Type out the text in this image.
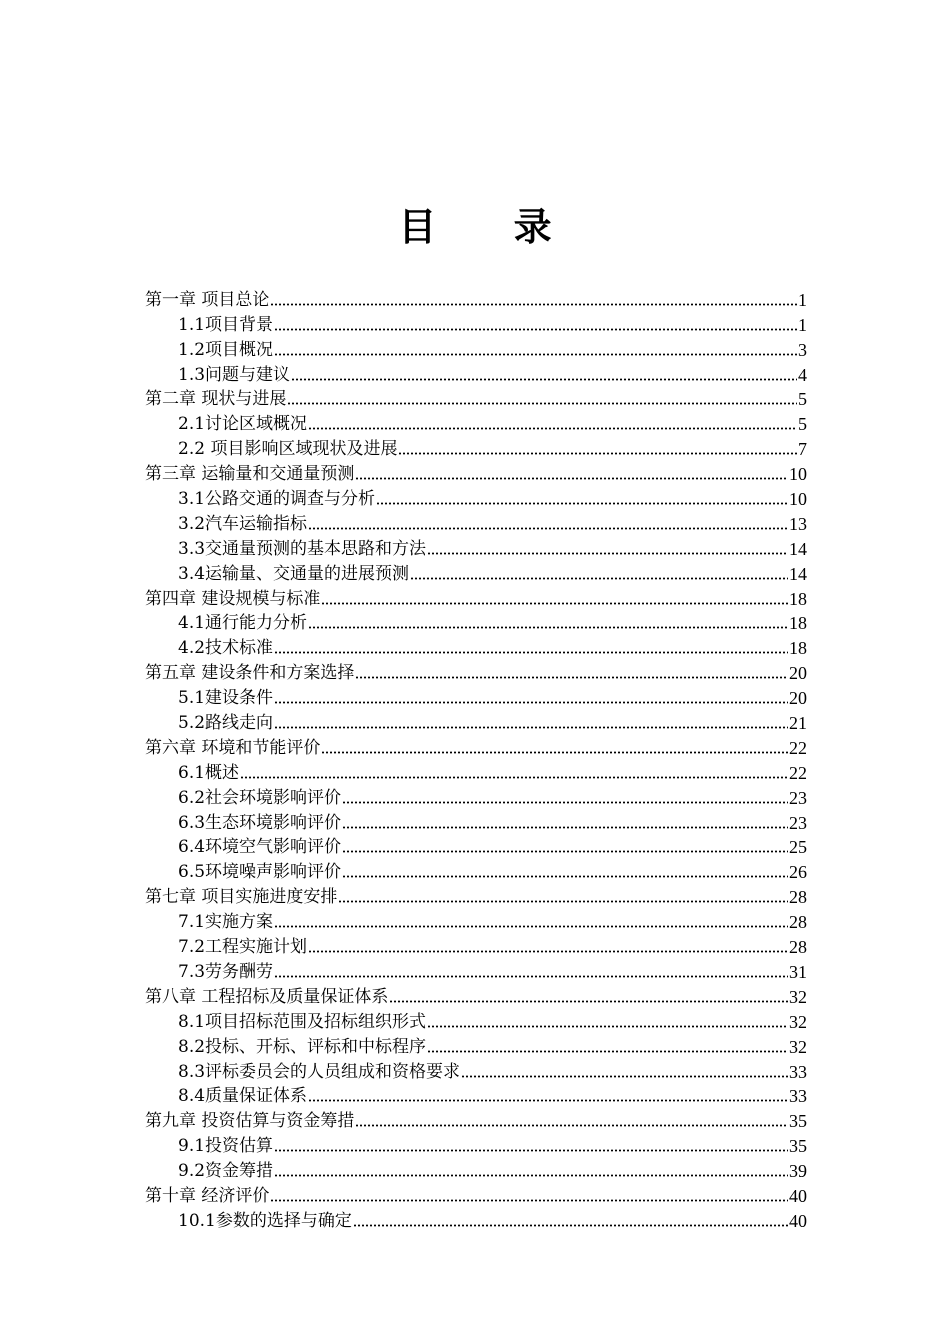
目 录
第一章 项目总论	1
1.1项目背景	1
1.2项目概况	3
1.3问题与建议	4
第二章 现状与进展	5
2.1讨论区域概况	5
2.2 项目影响区域现状及进展	7
第三章 运输量和交通量预测	10
3.1公路交通的调查与分析	10
3.2汽车运输指标	13
3.3交通量预测的基本思路和方法	14
3.4运输量、交通量的进展预测	14
第四章 建设规模与标准	18
4.1通行能力分析	18
4.2技术标准	18
第五章 建设条件和方案选择	20
5.1建设条件	20
5.2路线走向	21
第六章 环境和节能评价	22
6.1概述	22
6.2社会环境影响评价	23
6.3生态环境影响评价	23
6.4环境空气影响评价	25
6.5环境噪声影响评价	26
第七章 项目实施进度安排	28
7.1实施方案	28
7.2工程实施计划	28
7.3劳务酬劳	31
第八章 工程招标及质量保证体系	32
8.1项目招标范围及招标组织形式	32
8.2投标、开标、评标和中标程序	32
8.3评标委员会的人员组成和资格要求	33
8.4质量保证体系	33
第九章 投资估算与资金筹措	35
9.1投资估算	35
9.2资金筹措	39
第十章 经济评价	40
10.1参数的选择与确定	40
